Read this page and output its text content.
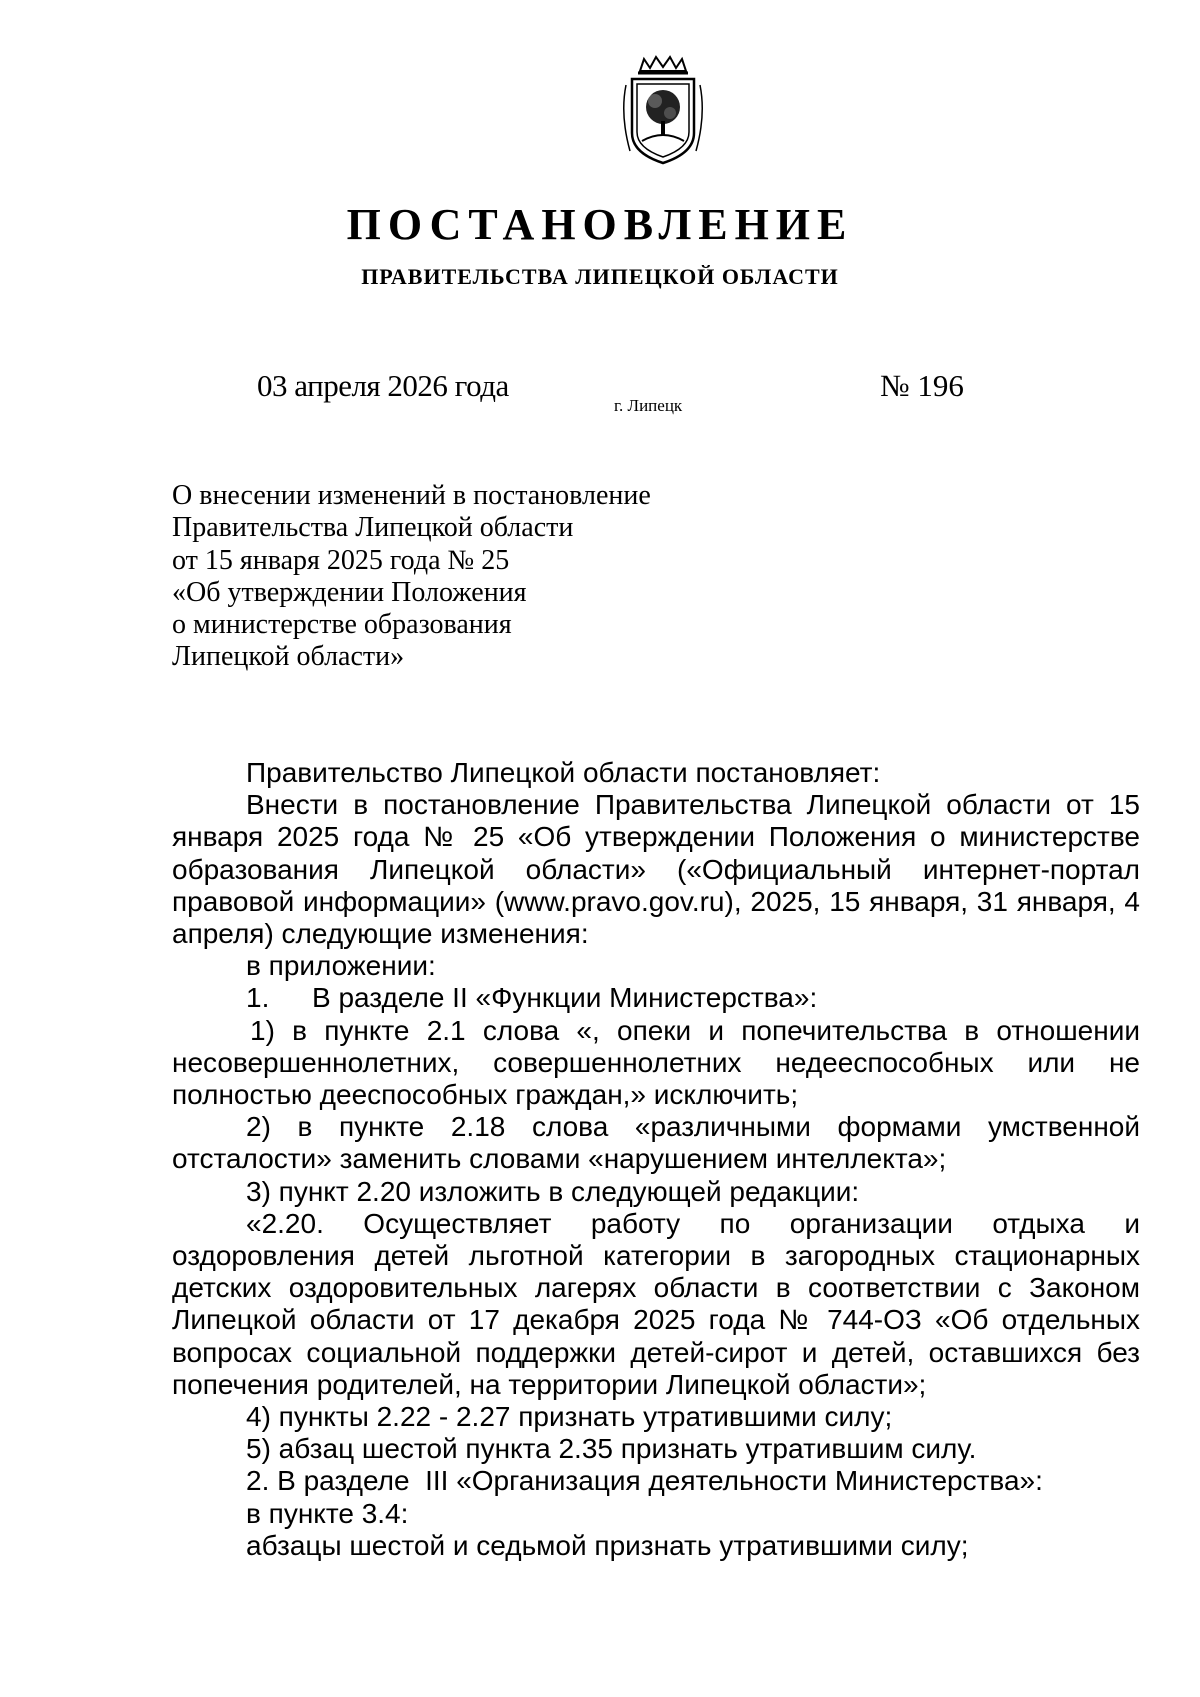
ПОСТАНОВЛЕНИЕ
ПРАВИТЕЛЬСТВА ЛИПЕЦКОЙ ОБЛАСТИ
03 апреля 2026 года
г. Липецк
№ 196
О внесении изменений в постановление
Правительства Липецкой области
от 15 января 2025 года № 25
«Об утверждении Положения
о министерстве образования
Липецкой области»

Правительство Липецкой области постановляет:

Внести в постановление Правительства Липецкой области от 15 января 2025 года № 25 «Об утверждении Положения о министерстве образования Липецкой области» («Официальный интернет-портал правовой информации» (www.pravo.gov.ru), 2025, 15 января, 31 января, 4 апреля) следующие изменения:

в приложении:

1. В разделе II «Функции Министерства»:

1) в пункте 2.1 слова «, опеки и попечительства в отношении несовершеннолетних, совершеннолетних недееспособных или не полностью дееспособных граждан,» исключить;

2) в пункте 2.18 слова «различными формами умственной отсталости» заменить словами «нарушением интеллекта»;

3) пункт 2.20 изложить в следующей редакции:

«2.20. Осуществляет работу по организации отдыха и оздоровления детей льготной категории в загородных стационарных детских оздоровительных лагерях области в соответствии с Законом Липецкой области от 17 декабря 2025 года № 744-ОЗ «Об отдельных вопросах социальной поддержки детей-сирот и детей, оставшихся без попечения родителей, на территории Липецкой области»;

4) пункты 2.22 - 2.27 признать утратившими силу;

5) абзац шестой пункта 2.35 признать утратившим силу.

2. В разделе  III «Организация деятельности Министерства»:

в пункте 3.4:

абзацы шестой и седьмой признать утратившими силу;
